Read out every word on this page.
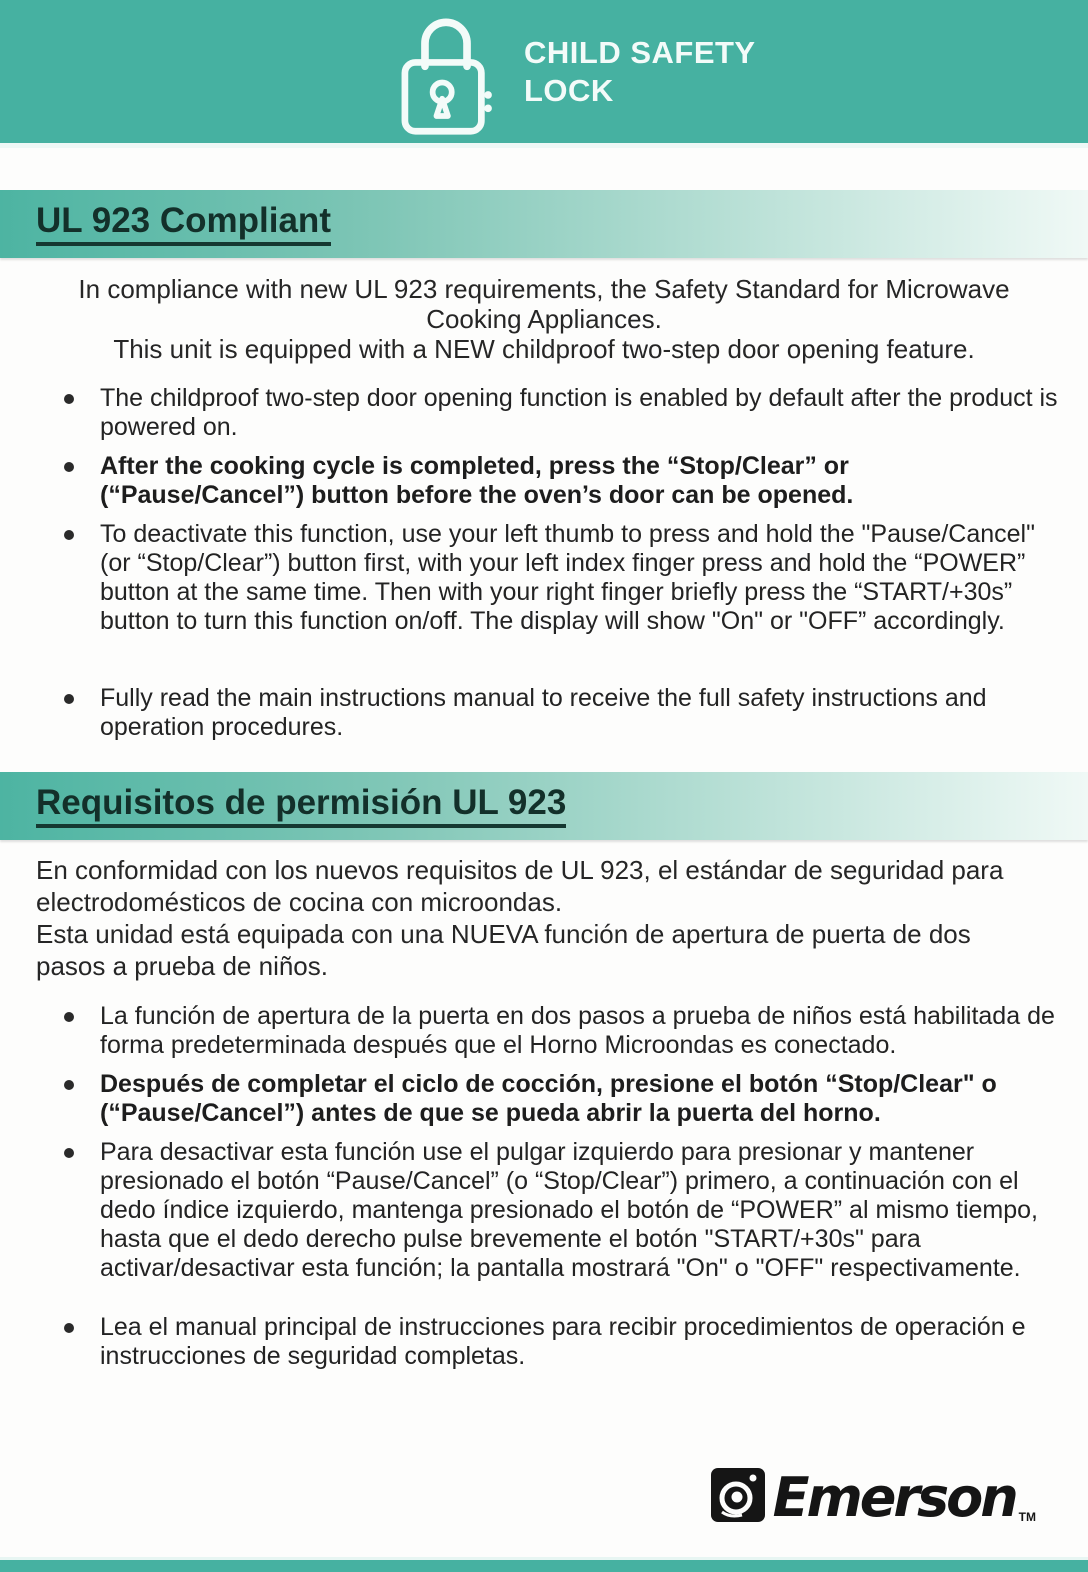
CHILD SAFETY
LOCK
UL 923 Compliant
In compliance with new UL 923 requirements, the Safety Standard for Microwave
Cooking Appliances.
This unit is equipped with a NEW childproof two-step door opening feature.
The childproof two-step door opening function is enabled by default after the product is powered on.
After the cooking cycle is completed, press the “Stop/Clear” or (“Pause/Cancel”) button before the oven’s door can be opened.
To deactivate this function, use your left thumb to press and hold the "Pause/Cancel" (or “Stop/Clear”) button first, with your left index finger press and hold the “POWER” button at the same time. Then with your right finger briefly press the “START/+30s” button to turn this function on/off. The display will show "On" or "OFF” accordingly.
Fully read the main instructions manual to receive the full safety instructions and operation procedures.
Requisitos de permisión UL 923
En conformidad con los nuevos requisitos de UL 923, el estándar de seguridad para
electrodomésticos de cocina con microondas.
Esta unidad está equipada con una NUEVA función de apertura de puerta de dos
pasos a prueba de niños.
La función de apertura de la puerta en dos pasos a prueba de niños está habilitada de forma predeterminada después que el Horno Microondas es conectado.
Después de completar el ciclo de cocción, presione el botón “Stop/Clear" o (“Pause/Cancel”) antes de que se pueda abrir la puerta del horno.
Para desactivar esta función use el pulgar izquierdo para presionar y mantener presionado el botón “Pause/Cancel” (o “Stop/Clear”) primero, a continuación con el dedo índice izquierdo, mantenga presionado el botón de “POWER” al mismo tiempo, hasta que el dedo derecho pulse brevemente el botón "START/+30s" para activar/desactivar esta función; la pantalla mostrará "On" o "OFF" respectivamente.
Lea el manual principal de instrucciones para recibir procedimientos de operación e instrucciones de seguridad completas.
Emerson TM
